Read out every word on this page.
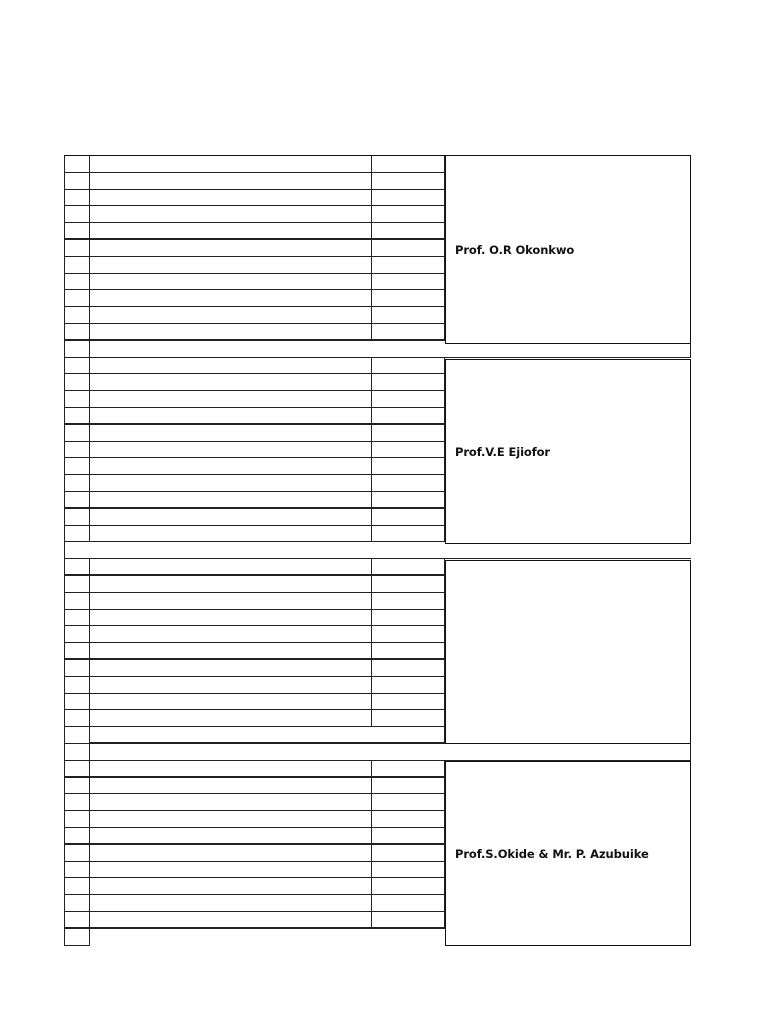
Prof. O.R Okonkwo
Prof.V.E Ejiofor
Prof.S.Okide & Mr. P. Azubuike
